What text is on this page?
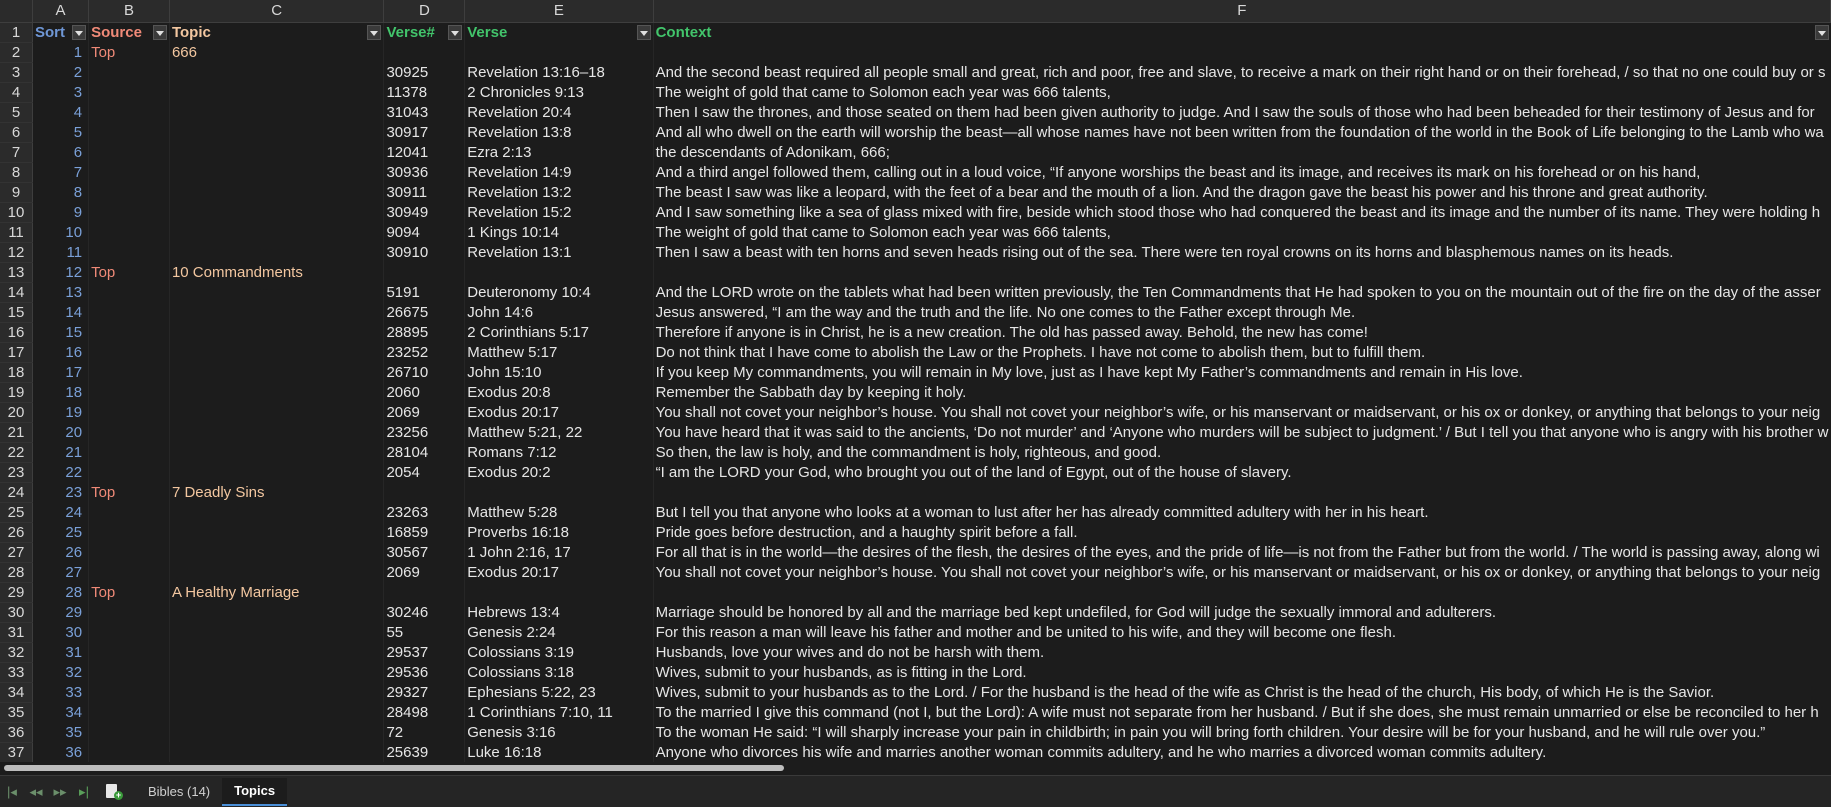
	A	B	C	D	E	F
1	Sort	Source	Topic	Verse#	Verse	Context

2	1	Top	666			
3	2			30925	Revelation 13:16–18	And the second beast required all people small and great, rich and poor, free and slave, to receive a mark on their right hand or on their forehead, / so that no one could buy or s
4	3			11378	2 Chronicles 9:13	The weight of gold that came to Solomon each year was 666 talents,
5	4			31043	Revelation 20:4	Then I saw the thrones, and those seated on them had been given authority to judge. And I saw the souls of those who had been beheaded for their testimony of Jesus and for
6	5			30917	Revelation 13:8	And all who dwell on the earth will worship the beast—all whose names have not been written from the foundation of the world in the Book of Life belonging to the Lamb who wa
7	6			12041	Ezra 2:13	the descendants of Adonikam, 666;
8	7			30936	Revelation 14:9	And a third angel followed them, calling out in a loud voice, “If anyone worships the beast and its image, and receives its mark on his forehead or on his hand,
9	8			30911	Revelation 13:2	The beast I saw was like a leopard, with the feet of a bear and the mouth of a lion. And the dragon gave the beast his power and his throne and great authority.
10	9			30949	Revelation 15:2	And I saw something like a sea of glass mixed with fire, beside which stood those who had conquered the beast and its image and the number of its name. They were holding h
11	10			9094	1 Kings 10:14	The weight of gold that came to Solomon each year was 666 talents,
12	11			30910	Revelation 13:1	Then I saw a beast with ten horns and seven heads rising out of the sea. There were ten royal crowns on its horns and blasphemous names on its heads.
13	12	Top	10 Commandments			
14	13			5191	Deuteronomy 10:4	And the LORD wrote on the tablets what had been written previously, the Ten Commandments that He had spoken to you on the mountain out of the fire on the day of the asser
15	14			26675	John 14:6	Jesus answered, “I am the way and the truth and the life. No one comes to the Father except through Me.
16	15			28895	2 Corinthians 5:17	Therefore if anyone is in Christ, he is a new creation. The old has passed away. Behold, the new has come!
17	16			23252	Matthew 5:17	Do not think that I have come to abolish the Law or the Prophets. I have not come to abolish them, but to fulfill them.
18	17			26710	John 15:10	If you keep My commandments, you will remain in My love, just as I have kept My Father’s commandments and remain in His love.
19	18			2060	Exodus 20:8	Remember the Sabbath day by keeping it holy.
20	19			2069	Exodus 20:17	You shall not covet your neighbor’s house. You shall not covet your neighbor’s wife, or his manservant or maidservant, or his ox or donkey, or anything that belongs to your neig
21	20			23256	Matthew 5:21, 22	You have heard that it was said to the ancients, ‘Do not murder’ and ‘Anyone who murders will be subject to judgment.’ / But I tell you that anyone who is angry with his brother w
22	21			28104	Romans 7:12	So then, the law is holy, and the commandment is holy, righteous, and good.
23	22			2054	Exodus 20:2	“I am the LORD your God, who brought you out of the land of Egypt, out of the house of slavery.
24	23	Top	7 Deadly Sins			
25	24			23263	Matthew 5:28	But I tell you that anyone who looks at a woman to lust after her has already committed adultery with her in his heart.
26	25			16859	Proverbs 16:18	Pride goes before destruction, and a haughty spirit before a fall.
27	26			30567	1 John 2:16, 17	For all that is in the world—the desires of the flesh, the desires of the eyes, and the pride of life—is not from the Father but from the world. / The world is passing away, along wi
28	27			2069	Exodus 20:17	You shall not covet your neighbor’s house. You shall not covet your neighbor’s wife, or his manservant or maidservant, or his ox or donkey, or anything that belongs to your neig
29	28	Top	A Healthy Marriage			
30	29			30246	Hebrews 13:4	Marriage should be honored by all and the marriage bed kept undefiled, for God will judge the sexually immoral and adulterers.
31	30			55	Genesis 2:24	For this reason a man will leave his father and mother and be united to his wife, and they will become one flesh.
32	31			29537	Colossians 3:19	Husbands, love your wives and do not be harsh with them.
33	32			29536	Colossians 3:18	Wives, submit to your husbands, as is fitting in the Lord.
34	33			29327	Ephesians 5:22, 23	Wives, submit to your husbands as to the Lord. / For the husband is the head of the wife as Christ is the head of the church, His body, of which He is the Savior.
35	34			28498	1 Corinthians 7:10, 11	To the married I give this command (not I, but the Lord): A wife must not separate from her husband. / But if she does, she must remain unmarried or else be reconciled to her h
36	35			72	Genesis 3:16	To the woman He said: “I will sharply increase your pain in childbirth; in pain you will bring forth children. Your desire will be for your husband, and he will rule over you.”
37	36			25639	Luke 16:18	Anyone who divorces his wife and marries another woman commits adultery, and he who marries a divorced woman commits adultery.

|◂ ◂◂ ▸▸ ▸|	+	Bibles (14)	Topics
